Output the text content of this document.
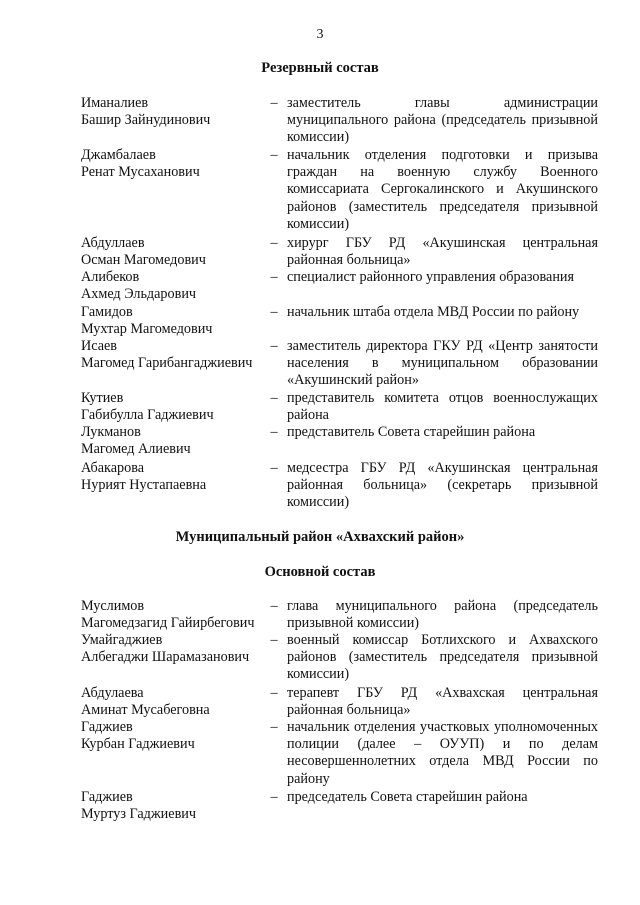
3
Резервный состав
Иманалиев
Башир Зайнудинович
– заместитель главы администрации муниципального района (председатель призывной комиссии)
Джамбалаев
Ренат Мусаханович
– начальник отделения подготовки и призыва граждан на военную службу Военного комиссариата Сергокалинского и Акушинского районов (заместитель председателя призывной комиссии)
Абдуллаев
Осман Магомедович
– хирург ГБУ РД «Акушинская центральная районная больница»
Алибеков
Ахмед Эльдарович
– специалист районного управления образования
Гамидов
Мухтар Магомедович
– начальник штаба отдела МВД России по району
Исаев
Магомед Гарибангаджиевич
– заместитель директора ГКУ РД «Центр занятости населения в муниципальном образовании «Акушинский район»
Кутиев
Габибулла Гаджиевич
– представитель комитета отцов военнослужащих района
Лукманов
Магомед Алиевич
– представитель Совета старейшин района
Абакарова
Нурият Нустапаевна
– медсестра ГБУ РД «Акушинская центральная районная больница» (секретарь призывной комиссии)
Муниципальный район «Ахвахский район»
Основной состав
Муслимов
Магомедзагид Гайирбегович
– глава муниципального района (председатель призывной комиссии)
Умайгаджиев
Албегаджи Шарамазанович
– военный комиссар Ботлихского и Ахвахского районов (заместитель председателя призывной комиссии)
Абдулаева
Аминат Мусабеговна
– терапевт ГБУ РД «Ахвахская центральная районная больница»
Гаджиев
Курбан Гаджиевич
– начальник отделения участковых уполномоченных полиции (далее – ОУУП) и по делам несовершеннолетних отдела МВД России по району
Гаджиев
Муртуз Гаджиевич
– председатель Совета старейшин района
